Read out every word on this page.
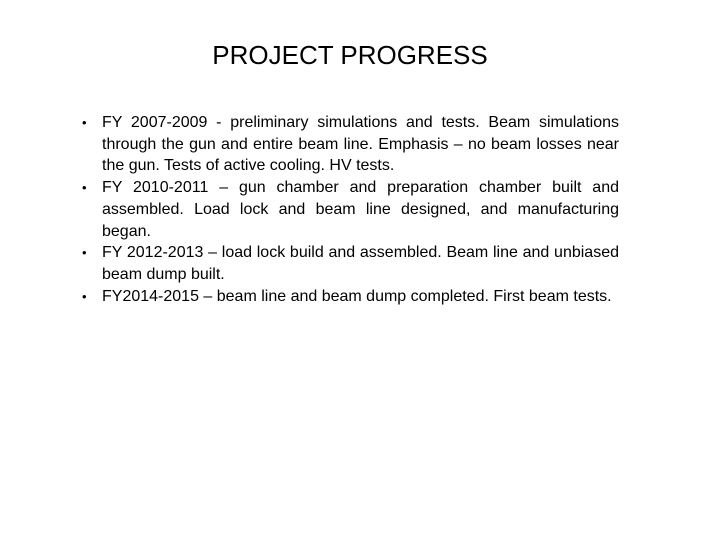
PROJECT PROGRESS
• FY 2007-2009 - preliminary simulations and tests. Beam simulations through the gun and entire beam line. Emphasis – no beam losses near the gun. Tests of active cooling. HV tests.
• FY 2010-2011 – gun chamber and preparation chamber built and assembled. Load lock and beam line designed, and manufacturing began.
• FY 2012-2013 – load lock build and assembled. Beam line and unbiased beam dump built.
• FY2014-2015 – beam line and beam dump completed. First beam tests.
